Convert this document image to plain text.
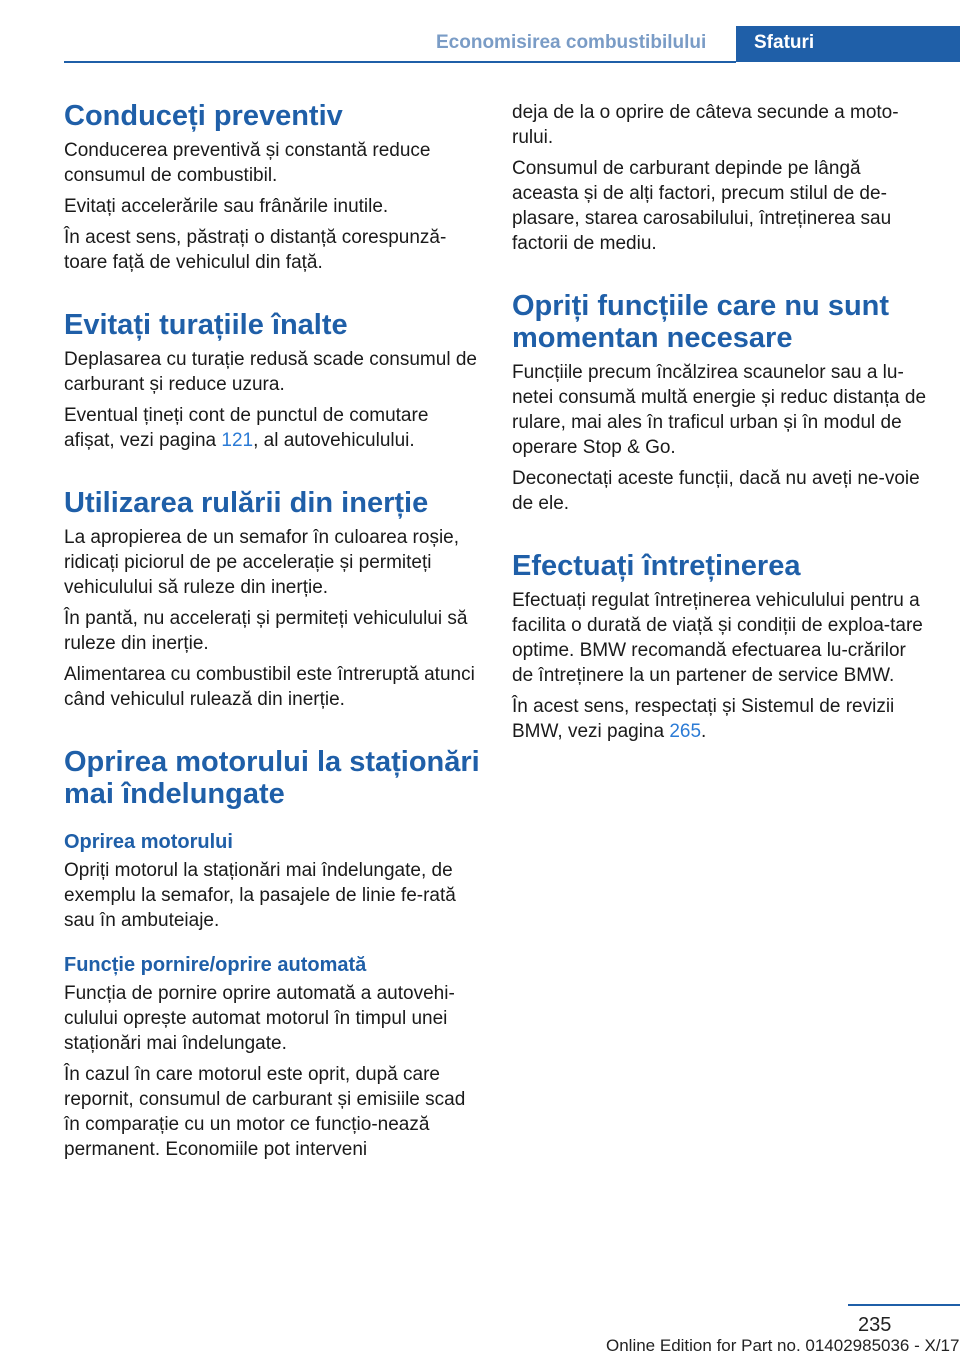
Economisirea combustibilului	Sfaturi
Conduceți preventiv

Conducerea preventivă și constantă reduce consumul de combustibil.

Evitați accelerările sau frânările inutile.

În acest sens, păstrați o distanță corespunză‐toare față de vehiculul din față.

Evitați turațiile înalte

Deplasarea cu turație redusă scade consumul de carburant și reduce uzura.

Eventual țineți cont de punctul de comutare afișat, vezi pagina 121, al autovehiculului.

Utilizarea rulării din inerție

La apropierea de un semafor în culoarea roșie, ridicați piciorul de pe accelerație și permiteți vehiculului să ruleze din inerție.

În pantă, nu accelerați și permiteți vehiculului să ruleze din inerție.

Alimentarea cu combustibil este întreruptă atunci când vehiculul rulează din inerție.

Oprirea motorului la staționări mai îndelungate
Oprirea motorului

Opriți motorul la staționări mai îndelungate, de exemplu la semafor, la pasajele de linie fe‐rată sau în ambuteiaje.

Funcție pornire/oprire automată

Funcția de pornire oprire automată a autovehi‐culului oprește automat motorul în timpul unei staționări mai îndelungate.

În cazul în care motorul este oprit, după care repornit, consumul de carburant și emisiile scad în comparație cu un motor ce funcțio‐nează permanent. Economiile pot interveni

deja de la o oprire de câteva secunde a moto‐rului.

Consumul de carburant depinde pe lângă aceasta și de alți factori, precum stilul de de‐plasare, starea carosabilului, întreținerea sau factorii de mediu.

Opriți funcțiile care nu sunt momentan necesare

Funcțiile precum încălzirea scaunelor sau a lu‐netei consumă multă energie și reduc distanța de rulare, mai ales în traficul urban și în modul de operare Stop & Go.

Deconectați aceste funcții, dacă nu aveți ne‐voie de ele.

Efectuați întreținerea

Efectuați regulat întreținerea vehiculului pentru a facilita o durată de viață și condiții de exploa‐tare optime. BMW recomandă efectuarea lu‐crărilor de întreținere la un partener de service BMW.

În acest sens, respectați și Sistemul de revizii BMW, vezi pagina 265.

235
Online Edition for Part no. 01402985036 - X/17
